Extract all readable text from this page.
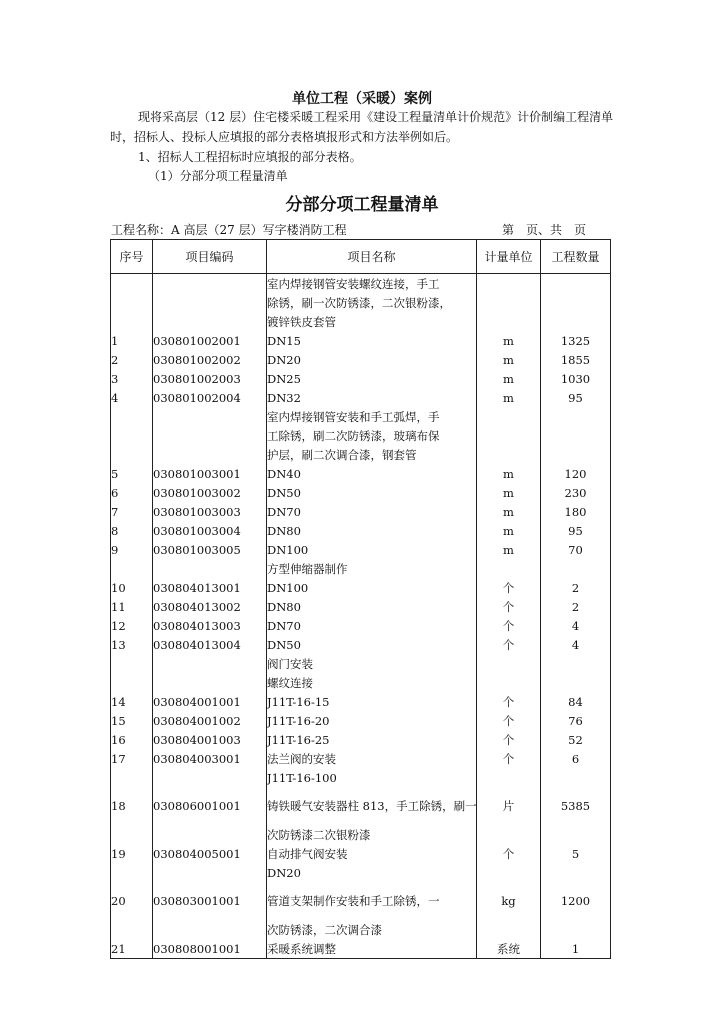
单位工程（采暖）案例
现将采高层（12 层）住宅楼采暖工程采用《建设工程量清单计价规范》计价制编工程清单时，招标人、投标人应填报的部分表格填报形式和方法举例如后。
1、招标人工程招标时应填报的部分表格。
（1）分部分项工程量清单
分部分项工程量清单
工程名称：A 高层（27 层）写字楼消防工程	第　页、共　页
序号	项目编码	项目名称	计量单位	工程数量
		室内焊接钢管安装螺纹连接，手工		
		除锈，刷一次防锈漆，二次银粉漆，		
		镀锌铁皮套管		
1	030801002001	DN15	m	1325
2	030801002002	DN20	m	1855
3	030801002003	DN25	m	1030
4	030801002004	DN32	m	95
		室内焊接钢管安装和手工弧焊，手		
		工除锈，刷二次防锈漆，玻璃布保		
		护层，刷二次调合漆，钢套管		
5	030801003001	DN40	m	120
6	030801003002	DN50	m	230
7	030801003003	DN70	m	180
8	030801003004	DN80	m	95
9	030801003005	DN100	m	70
		方型伸缩器制作		
10	030804013001	DN100	个	2
11	030804013002	DN80	个	2
12	030804013003	DN70	个	4
13	030804013004	DN50	个	4
		阀门安装		
		螺纹连接		
14	030804001001	J11T-16-15	个	84
15	030804001002	J11T-16-20	个	76
16	030804001003	J11T-16-25	个	52
17	030804003001	法兰阀的安装	个	6
		J11T-16-100		
18	030806001001	铸铁暖气安装器柱 813，手工除锈，刷一	片	5385
		次防锈漆二次银粉漆		
19	030804005001	自动排气阀安装	个	5
		DN20		
20	030803001001	管道支架制作安装和手工除锈，一	kg	1200
		次防锈漆，二次调合漆		
21	030808001001	采暖系统调整	系统	1
